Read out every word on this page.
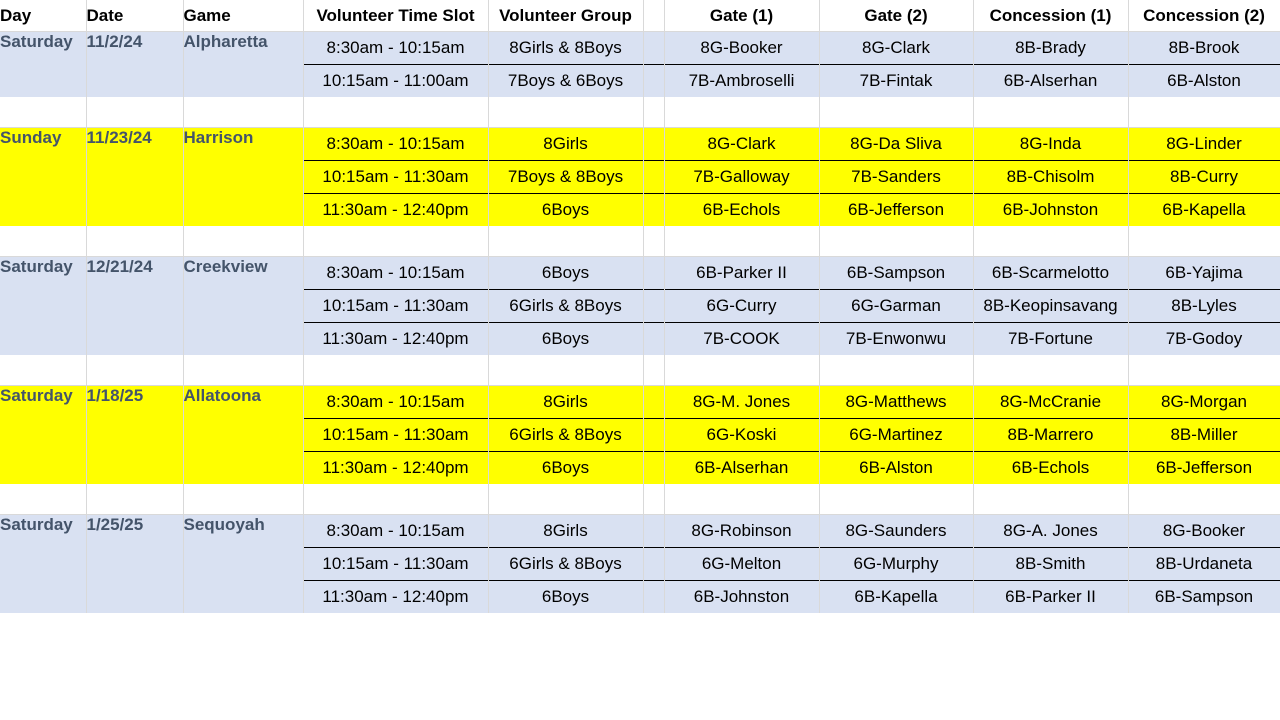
Day	Date	Game	Volunteer Time Slot	Volunteer Group		Gate (1)	Gate (2)	Concession (1)	Concession (2)
Saturday	11/2/24	Alpharetta	8:30am - 10:15am	8Girls & 8Boys		8G-Booker	8G-Clark	8B-Brady	8B-Brook
			10:15am - 11:00am	7Boys & 6Boys		7B-Ambroselli	7B-Fintak	6B-Alserhan	6B-Alston

Sunday	11/23/24	Harrison	8:30am - 10:15am	8Girls		8G-Clark	8G-Da Sliva	8G-Inda	8G-Linder
			10:15am - 11:30am	7Boys & 8Boys		7B-Galloway	7B-Sanders	8B-Chisolm	8B-Curry
			11:30am - 12:40pm	6Boys		6B-Echols	6B-Jefferson	6B-Johnston	6B-Kapella

Saturday	12/21/24	Creekview	8:30am - 10:15am	6Boys		6B-Parker II	6B-Sampson	6B-Scarmelotto	6B-Yajima
			10:15am - 11:30am	6Girls & 8Boys		6G-Curry	6G-Garman	8B-Keopinsavang	8B-Lyles
			11:30am - 12:40pm	6Boys		7B-COOK	7B-Enwonwu	7B-Fortune	7B-Godoy

Saturday	1/18/25	Allatoona	8:30am - 10:15am	8Girls		8G-M. Jones	8G-Matthews	8G-McCranie	8G-Morgan
			10:15am - 11:30am	6Girls & 8Boys		6G-Koski	6G-Martinez	8B-Marrero	8B-Miller
			11:30am - 12:40pm	6Boys		6B-Alserhan	6B-Alston	6B-Echols	6B-Jefferson

Saturday	1/25/25	Sequoyah	8:30am - 10:15am	8Girls		8G-Robinson	8G-Saunders	8G-A. Jones	8G-Booker
			10:15am - 11:30am	6Girls & 8Boys		6G-Melton	6G-Murphy	8B-Smith	8B-Urdaneta
			11:30am - 12:40pm	6Boys		6B-Johnston	6B-Kapella	6B-Parker II	6B-Sampson
